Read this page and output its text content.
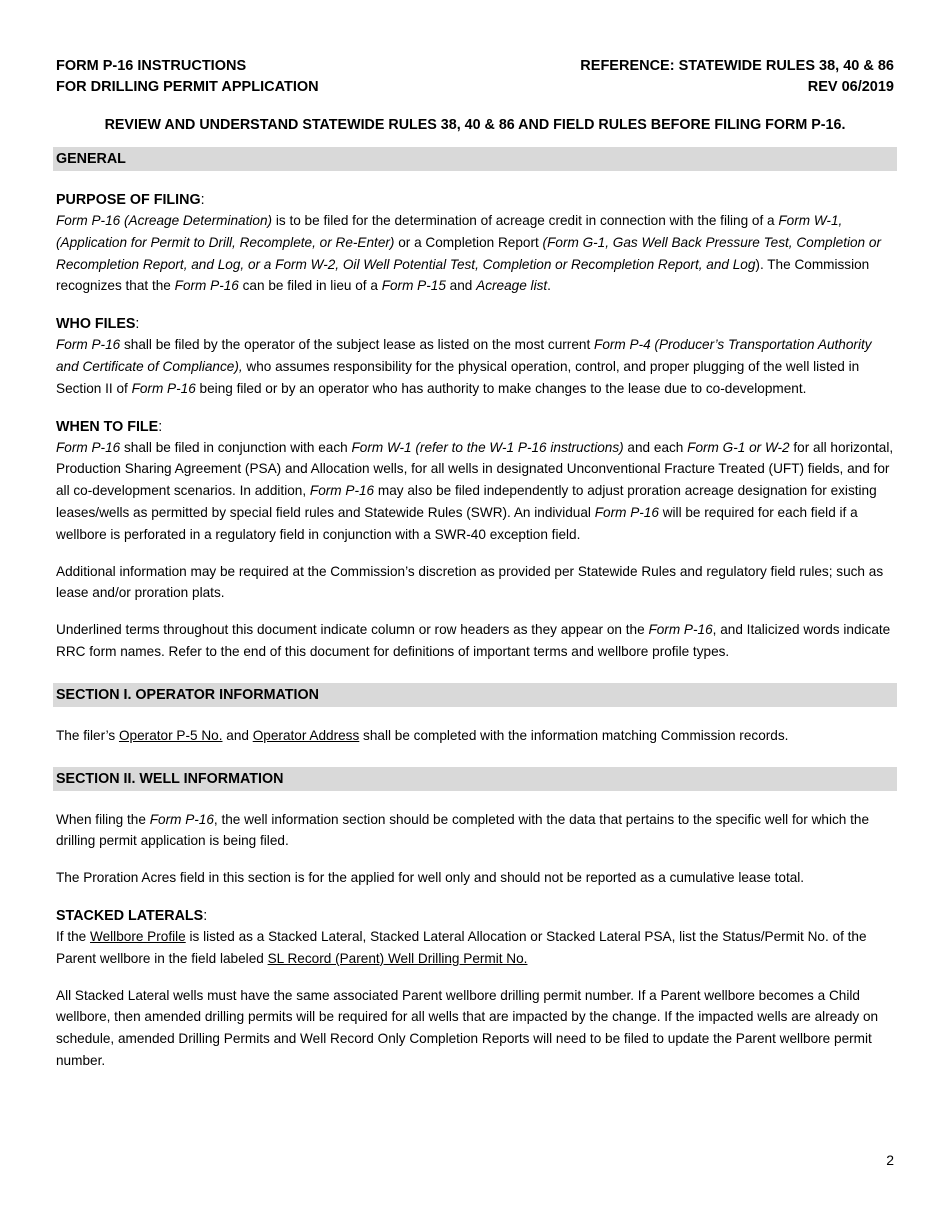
FORM P-16 INSTRUCTIONS
FOR DRILLING PERMIT APPLICATION
REFERENCE: STATEWIDE RULES 38, 40 & 86
REV 06/2019
REVIEW AND UNDERSTAND STATEWIDE RULES 38, 40 & 86 AND FIELD RULES BEFORE FILING FORM P-16.
GENERAL
PURPOSE OF FILING:

Form P-16 (Acreage Determination) is to be filed for the determination of acreage credit in connection with the filing of a Form W-1, (Application for Permit to Drill, Recomplete, or Re-Enter) or a Completion Report (Form G-1, Gas Well Back Pressure Test, Completion or Recompletion Report, and Log, or a Form W-2, Oil Well Potential Test, Completion or Recompletion Report, and Log). The Commission recognizes that the Form P-16 can be filed in lieu of a Form P-15 and Acreage list.

WHO FILES:

Form P-16 shall be filed by the operator of the subject lease as listed on the most current Form P-4 (Producer’s Transportation Authority and Certificate of Compliance), who assumes responsibility for the physical operation, control, and proper plugging of the well listed in Section II of Form P-16 being filed or by an operator who has authority to make changes to the lease due to co-development.

WHEN TO FILE:

Form P-16 shall be filed in conjunction with each Form W-1 (refer to the W-1 P-16 instructions) and each Form G-1 or W-2 for all horizontal, Production Sharing Agreement (PSA) and Allocation wells, for all wells in designated Unconventional Fracture Treated (UFT) fields, and for all co-development scenarios. In addition, Form P-16 may also be filed independently to adjust proration acreage designation for existing leases/wells as permitted by special field rules and Statewide Rules (SWR). An individual Form P-16 will be required for each field if a wellbore is perforated in a regulatory field in conjunction with a SWR-40 exception field.

Additional information may be required at the Commission’s discretion as provided per Statewide Rules and regulatory field rules; such as lease and/or proration plats.

Underlined terms throughout this document indicate column or row headers as they appear on the Form P-16, and Italicized words indicate RRC form names. Refer to the end of this document for definitions of important terms and wellbore profile types.

SECTION I. OPERATOR INFORMATION

The filer’s Operator P-5 No. and Operator Address shall be completed with the information matching Commission records.

SECTION II. WELL INFORMATION

When filing the Form P-16, the well information section should be completed with the data that pertains to the specific well for which the drilling permit application is being filed.

The Proration Acres field in this section is for the applied for well only and should not be reported as a cumulative lease total.

STACKED LATERALS:

If the Wellbore Profile is listed as a Stacked Lateral, Stacked Lateral Allocation or Stacked Lateral PSA, list the Status/Permit No. of the Parent wellbore in the field labeled SL Record (Parent) Well Drilling Permit No.

All Stacked Lateral wells must have the same associated Parent wellbore drilling permit number. If a Parent wellbore becomes a Child wellbore, then amended drilling permits will be required for all wells that are impacted by the change. If the impacted wells are already on schedule, amended Drilling Permits and Well Record Only Completion Reports will need to be filed to update the Parent wellbore permit number.

2
